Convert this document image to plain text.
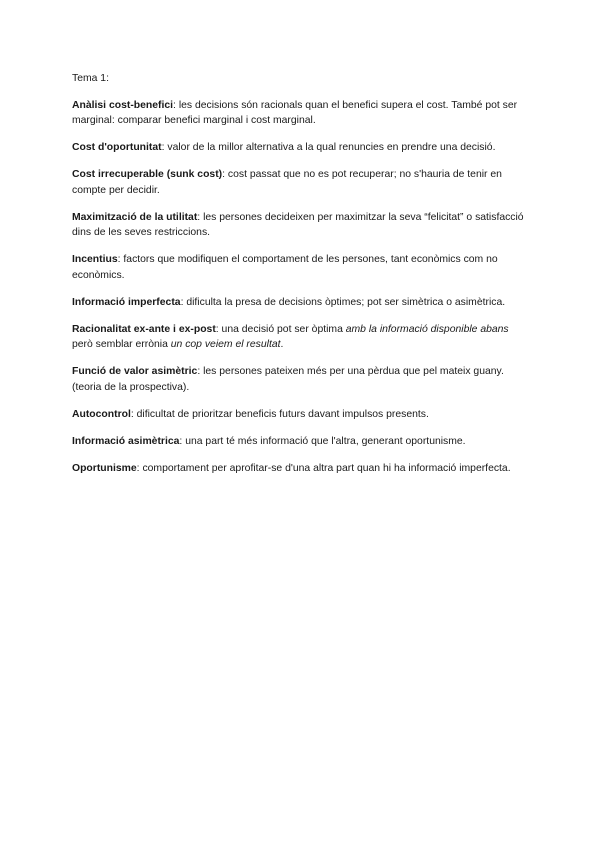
Tema 1:

Anàlisi cost-benefici: les decisions són racionals quan el benefici supera el cost. També pot ser marginal: comparar benefici marginal i cost marginal.

Cost d'oportunitat: valor de la millor alternativa a la qual renuncies en prendre una decisió.

Cost irrecuperable (sunk cost): cost passat que no es pot recuperar; no s'hauria de tenir en compte per decidir.

Maximització de la utilitat: les persones decideixen per maximitzar la seva “felicitat” o satisfacció dins de les seves restriccions.

Incentius: factors que modifiquen el comportament de les persones, tant econòmics com no econòmics.

Informació imperfecta: dificulta la presa de decisions òptimes; pot ser simètrica o asimètrica.

Racionalitat ex-ante i ex-post: una decisió pot ser òptima amb la informació disponible abans però semblar errònia un cop veiem el resultat.

Funció de valor asimètric: les persones pateixen més per una pèrdua que pel mateix guany. (teoria de la prospectiva).

Autocontrol: dificultat de prioritzar beneficis futurs davant impulsos presents.

Informació asimètrica: una part té més informació que l'altra, generant oportunisme.

Oportunisme: comportament per aprofitar-se d'una altra part quan hi ha informació imperfecta.
